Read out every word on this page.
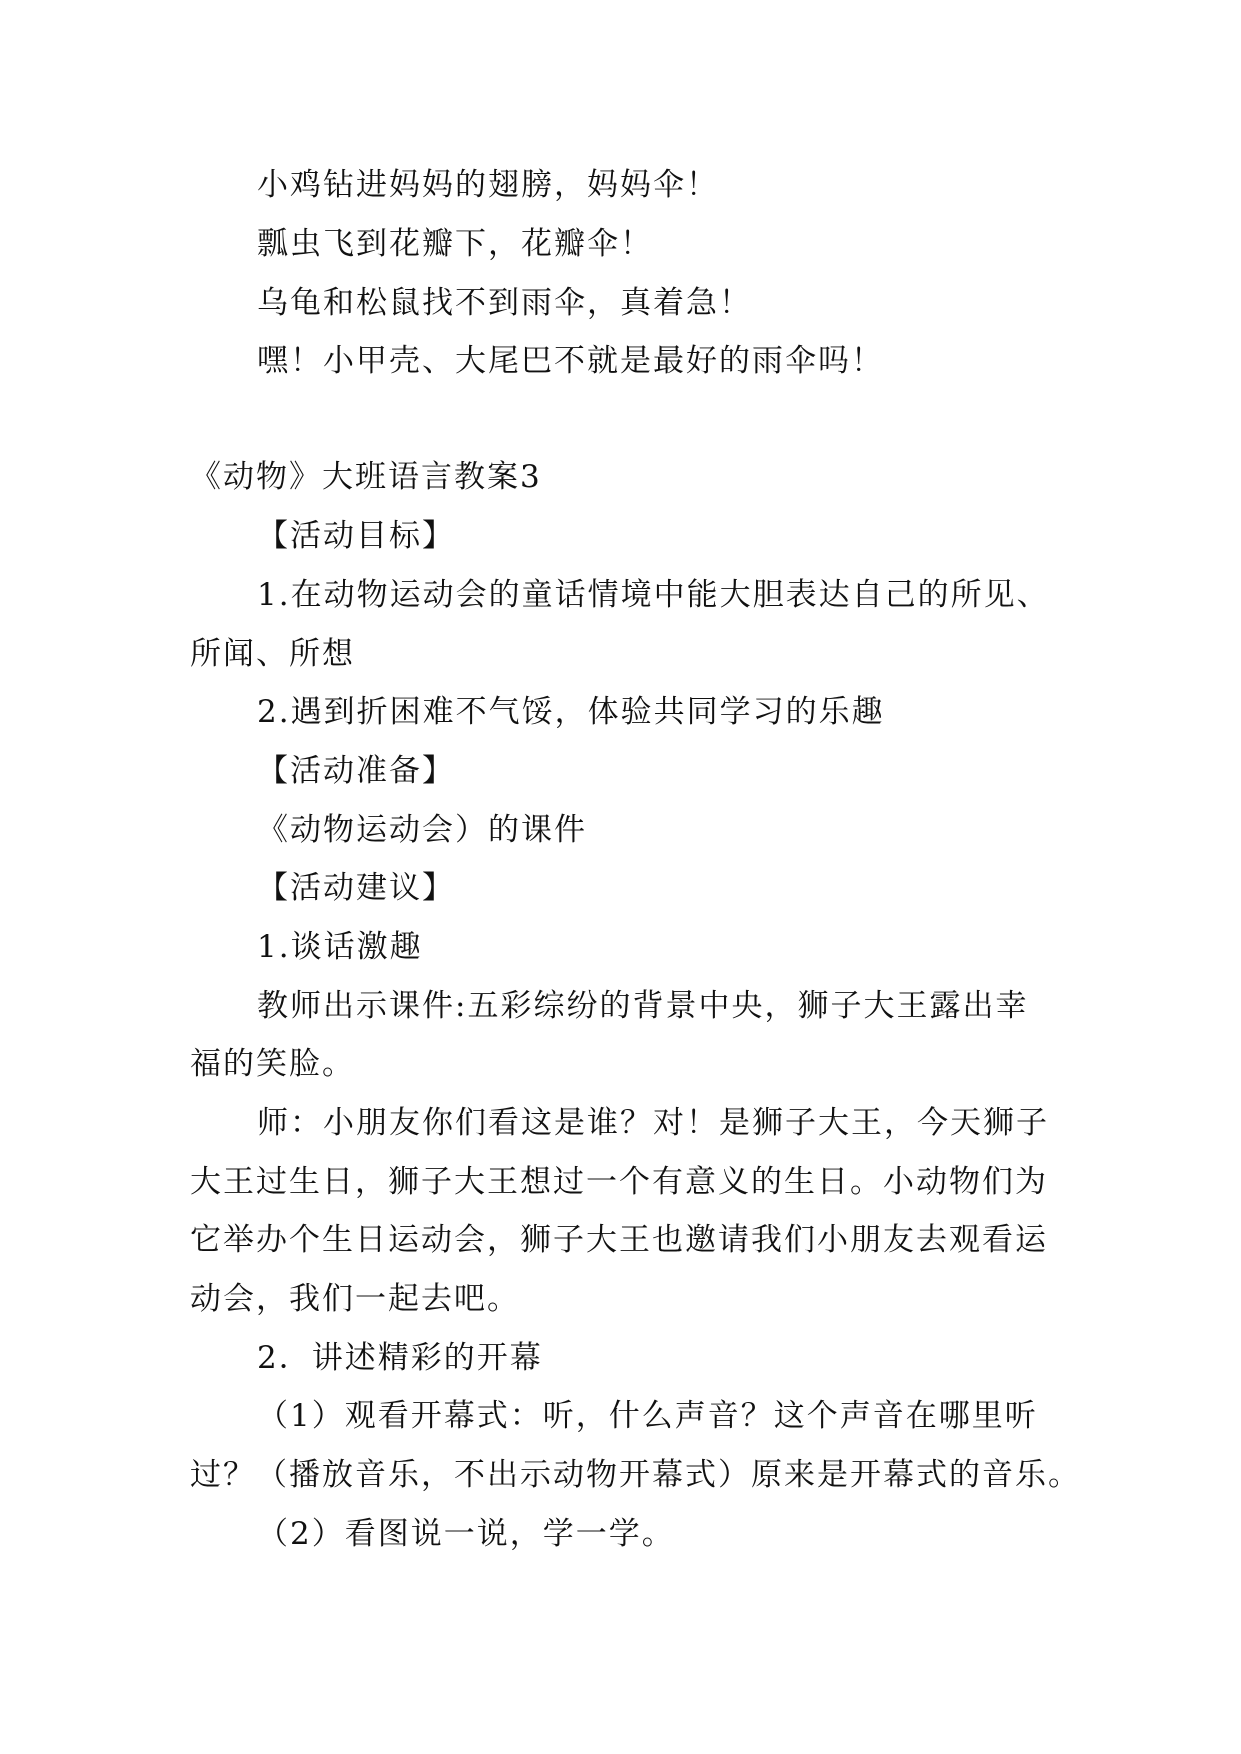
小鸡钻进妈妈的翅膀，妈妈伞！
瓢虫飞到花瓣下，花瓣伞！
乌龟和松鼠找不到雨伞，真着急！
嘿！小甲壳、大尾巴不就是最好的雨伞吗！
《动物》大班语言教案3
【活动目标】
1.在动物运动会的童话情境中能大胆表达自己的所见、
所闻、所想
2.遇到折困难不气馁，体验共同学习的乐趣
【活动准备】
《动物运动会）的课件
【活动建议】
1.谈话激趣
教师出示课件:五彩综纷的背景中央，狮子大王露出幸
福的笑脸。
师：小朋友你们看这是谁？对！是狮子大王，今天狮子
大王过生日，狮子大王想过一个有意义的生日。小动物们为
它举办个生日运动会，狮子大王也邀请我们小朋友去观看运
动会，我们一起去吧。
2．讲述精彩的开幕
（1）观看开幕式：听，什么声音？这个声音在哪里听
过？（播放音乐，不出示动物开幕式）原来是开幕式的音乐。
（2）看图说一说，学一学。
